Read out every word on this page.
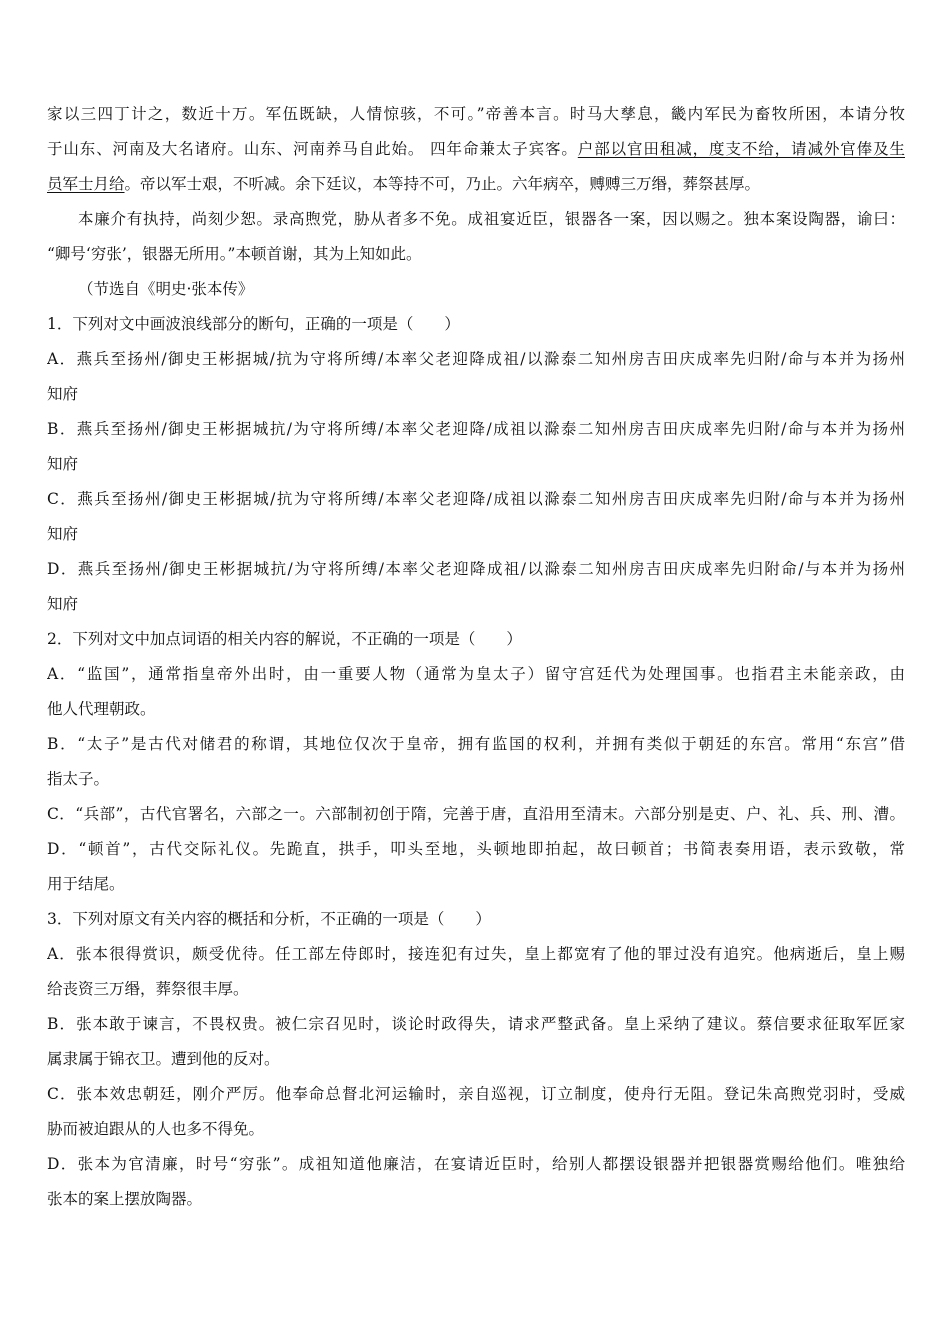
家以三四丁计之，数近十万。军伍既缺，人情惊骇，不可。”帝善本言。时马大孳息，畿内军民为畜牧所困，本请分牧
于山东、河南及大名诸府。山东、河南养马自此始。 四年命兼太子宾客。户部以官田租减，度支不给，请减外官俸及生
员军士月给。帝以军士艰，不听减。余下廷议，本等持不可，乃止。六年病卒，赙赙三万缗，葬祭甚厚。
本廉介有执持，尚刻少恕。录高煦党，胁从者多不免。成祖宴近臣，银器各一案，因以赐之。独本案设陶器，谕曰：
“卿号‘穷张’，银器无所用。”本顿首谢，其为上知如此。
（节选自《明史·张本传》
1．下列对文中画波浪线部分的断句，正确的一项是（　　）
A．燕兵至扬州/御史王彬据城/抗为守将所缚/本率父老迎降成祖/以滁泰二知州房吉田庆成率先归附/命与本并为扬州
知府
B．燕兵至扬州/御史王彬据城抗/为守将所缚/本率父老迎降/成祖以滁泰二知州房吉田庆成率先归附/命与本并为扬州
知府
C．燕兵至扬州/御史王彬据城/抗为守将所缚/本率父老迎降/成祖以滁泰二知州房吉田庆成率先归附/命与本并为扬州
知府
D．燕兵至扬州/御史王彬据城抗/为守将所缚/本率父老迎降成祖/以滁泰二知州房吉田庆成率先归附命/与本并为扬州
知府
2．下列对文中加点词语的相关内容的解说，不正确的一项是（　　）
A．“监国”，通常指皇帝外出时，由一重要人物（通常为皇太子）留守宫廷代为处理国事。也指君主未能亲政，由
他人代理朝政。
B．“太子”是古代对储君的称谓，其地位仅次于皇帝，拥有监国的权利，并拥有类似于朝廷的东宫。常用“东宫”借
指太子。
C．“兵部”，古代官署名，六部之一。六部制初创于隋，完善于唐，直沿用至清末。六部分别是吏、户、礼、兵、刑、漕。
D．“顿首”，古代交际礼仪。先跪直，拱手，叩头至地，头顿地即拍起，故曰顿首；书简表奏用语，表示致敬，常
用于结尾。
3．下列对原文有关内容的概括和分析，不正确的一项是（　　）
A．张本很得赏识，颇受优待。任工部左侍郎时，接连犯有过失，皇上都宽宥了他的罪过没有追究。他病逝后，皇上赐
给丧资三万缗，葬祭很丰厚。
B．张本敢于谏言，不畏权贵。被仁宗召见时，谈论时政得失，请求严整武备。皇上采纳了建议。蔡信要求征取军匠家
属隶属于锦衣卫。遭到他的反对。
C．张本效忠朝廷，刚介严厉。他奉命总督北河运输时，亲自巡视，订立制度，使舟行无阻。登记朱高煦党羽时，受威
胁而被迫跟从的人也多不得免。
D．张本为官清廉，时号“穷张”。成祖知道他廉洁，在宴请近臣时，给别人都摆设银器并把银器赏赐给他们。唯独给
张本的案上摆放陶器。
